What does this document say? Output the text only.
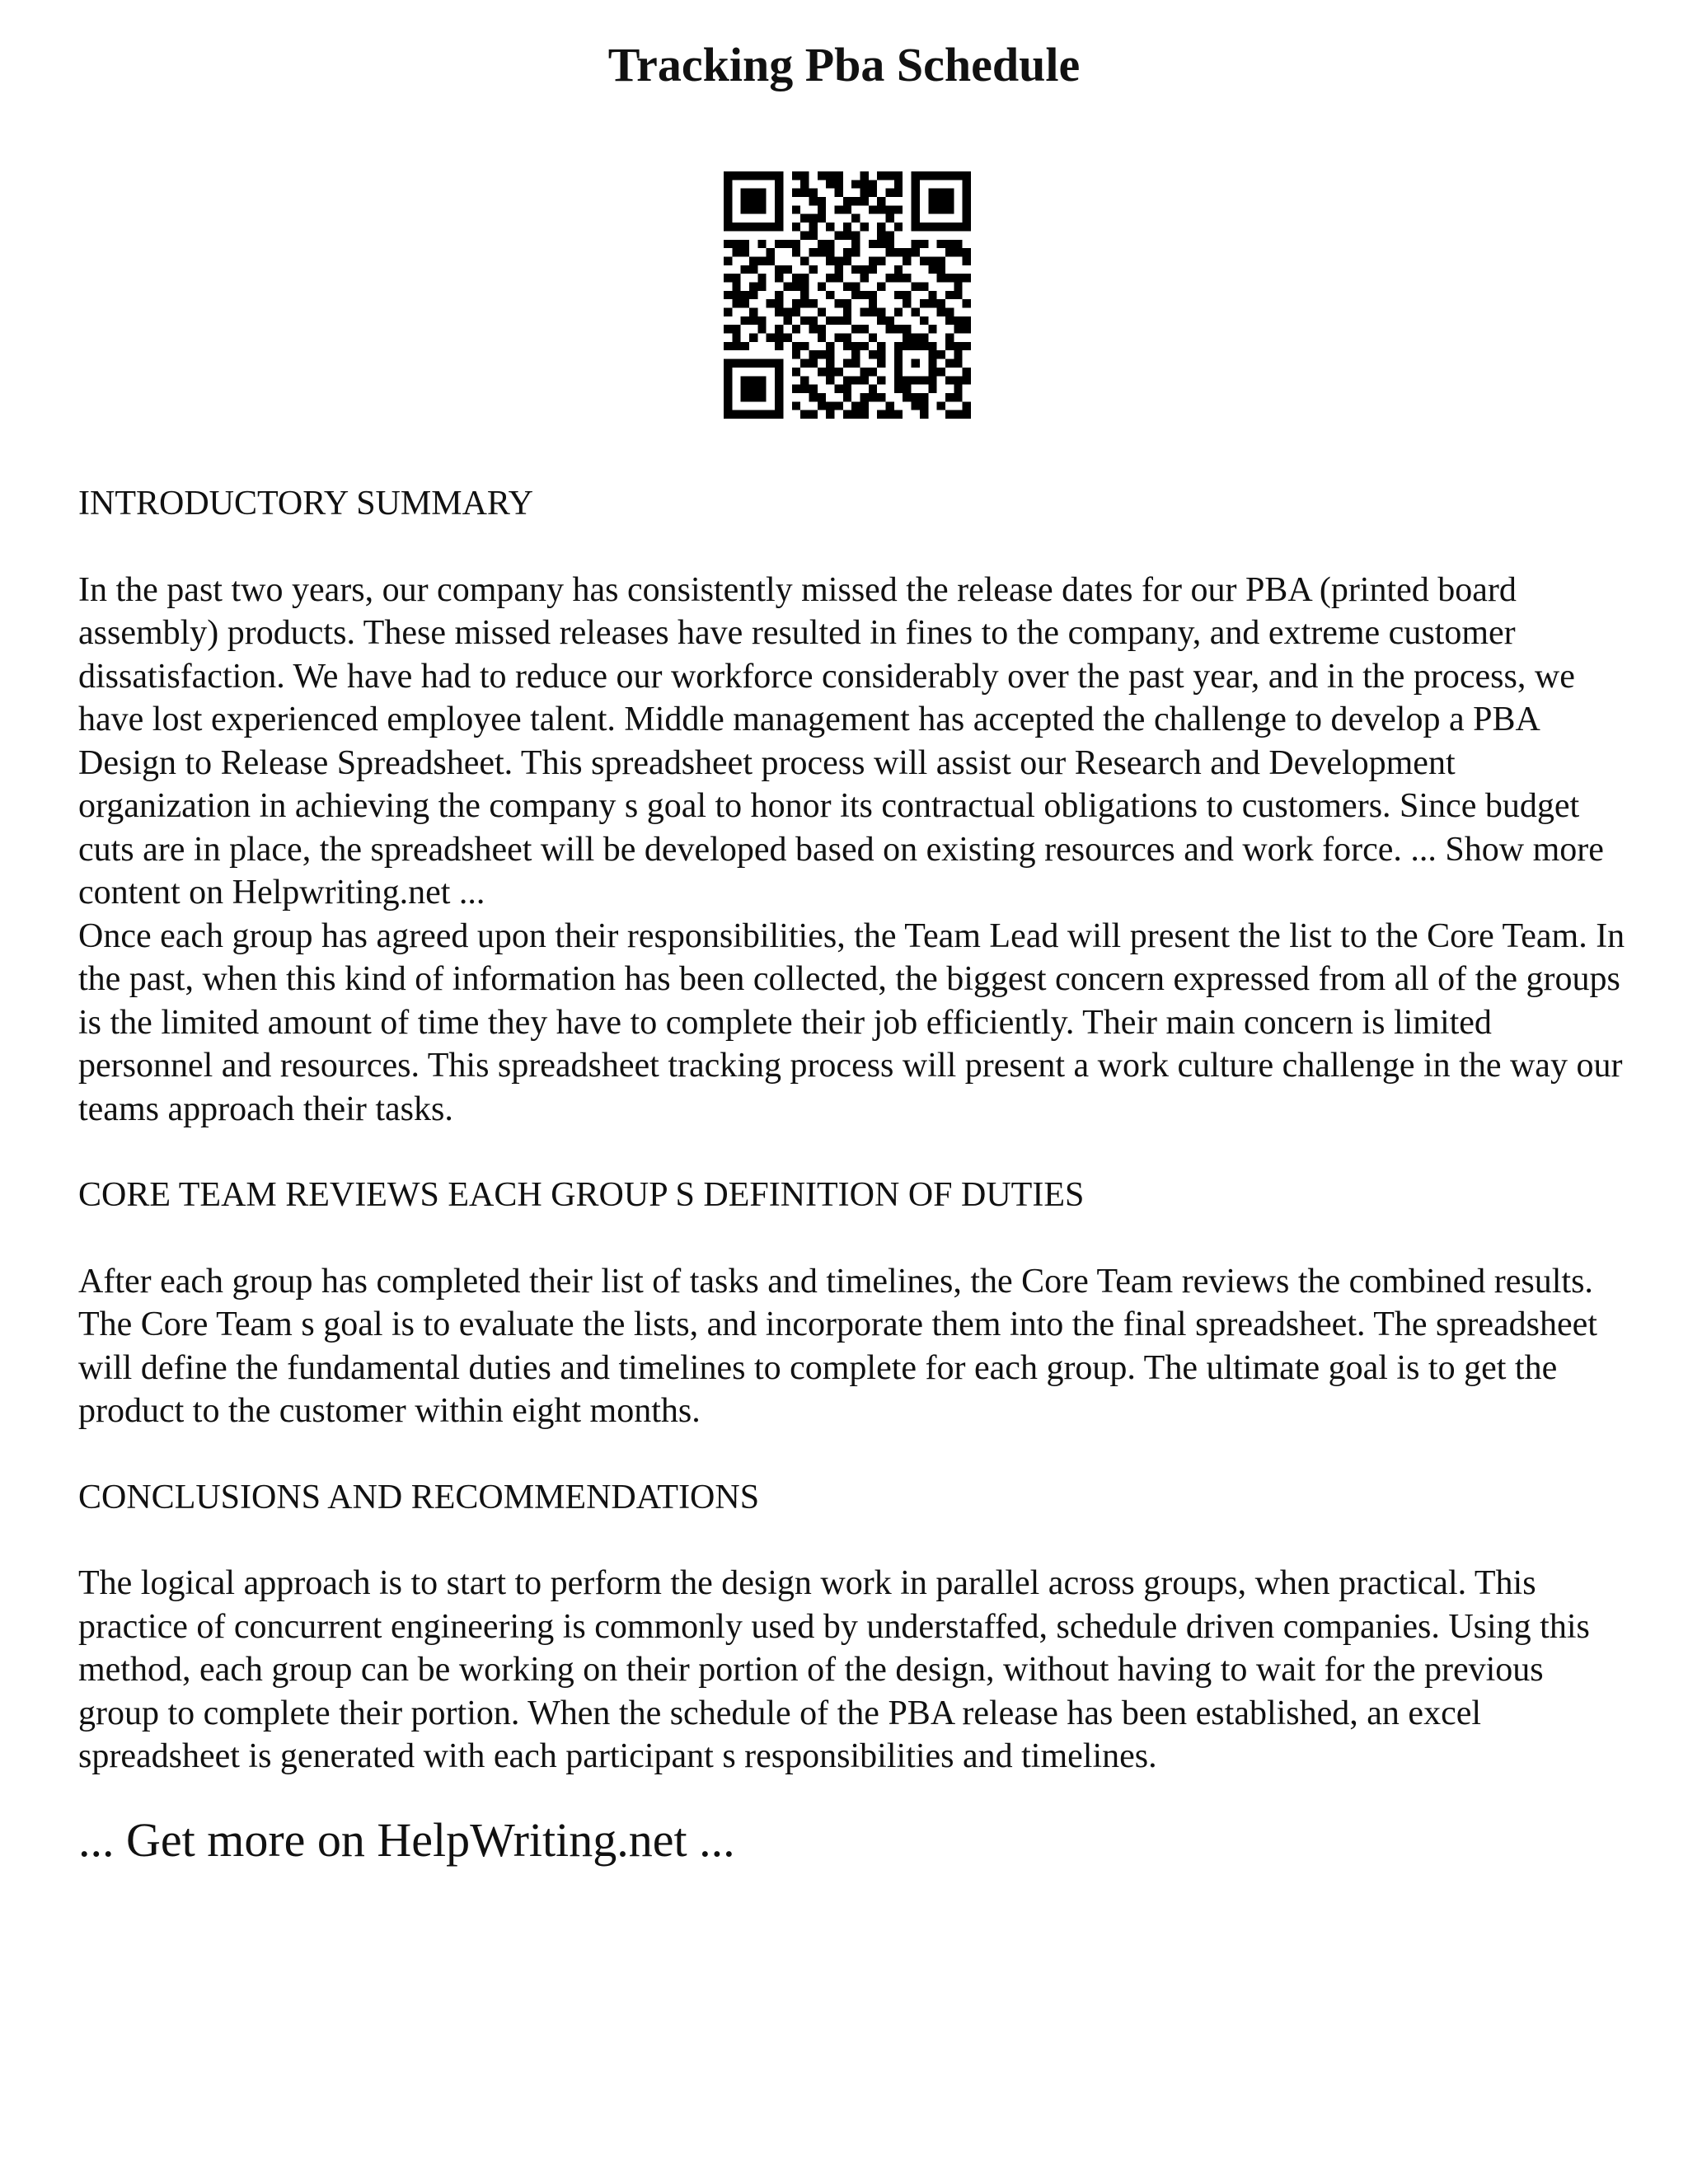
Tracking Pba Schedule
INTRODUCTORY SUMMARY

In the past two years, our company has consistently missed the release dates for our PBA (printed board assembly) products. These missed releases have resulted in fines to the company, and extreme customer dissatisfaction. We have had to reduce our workforce considerably over the past year, and in the process, we have lost experienced employee talent. Middle management has accepted the challenge to develop a PBA Design to Release Spreadsheet. This spreadsheet process will assist our Research and Development organization in achieving the company s goal to honor its contractual obligations to customers. Since budget cuts are in place, the spreadsheet will be developed based on existing resources and work force. ... Show more content on Helpwriting.net ...

Once each group has agreed upon their responsibilities, the Team Lead will present the list to the Core Team. In the past, when this kind of information has been collected, the biggest concern expressed from all of the groups is the limited amount of time they have to complete their job efficiently. Their main concern is limited personnel and resources. This spreadsheet tracking process will present a work culture challenge in the way our teams approach their tasks.

CORE TEAM REVIEWS EACH GROUP S DEFINITION OF DUTIES

After each group has completed their list of tasks and timelines, the Core Team reviews the combined results. The Core Team s goal is to evaluate the lists, and incorporate them into the final spreadsheet. The spreadsheet will define the fundamental duties and timelines to complete for each group. The ultimate goal is to get the product to the customer within eight months.

CONCLUSIONS AND RECOMMENDATIONS

The logical approach is to start to perform the design work in parallel across groups, when practical. This practice of concurrent engineering is commonly used by understaffed, schedule driven companies. Using this method, each group can be working on their portion of the design, without having to wait for the previous group to complete their portion. When the schedule of the PBA release has been established, an excel spreadsheet is generated with each participant s responsibilities and timelines.

... Get more on HelpWriting.net ...
